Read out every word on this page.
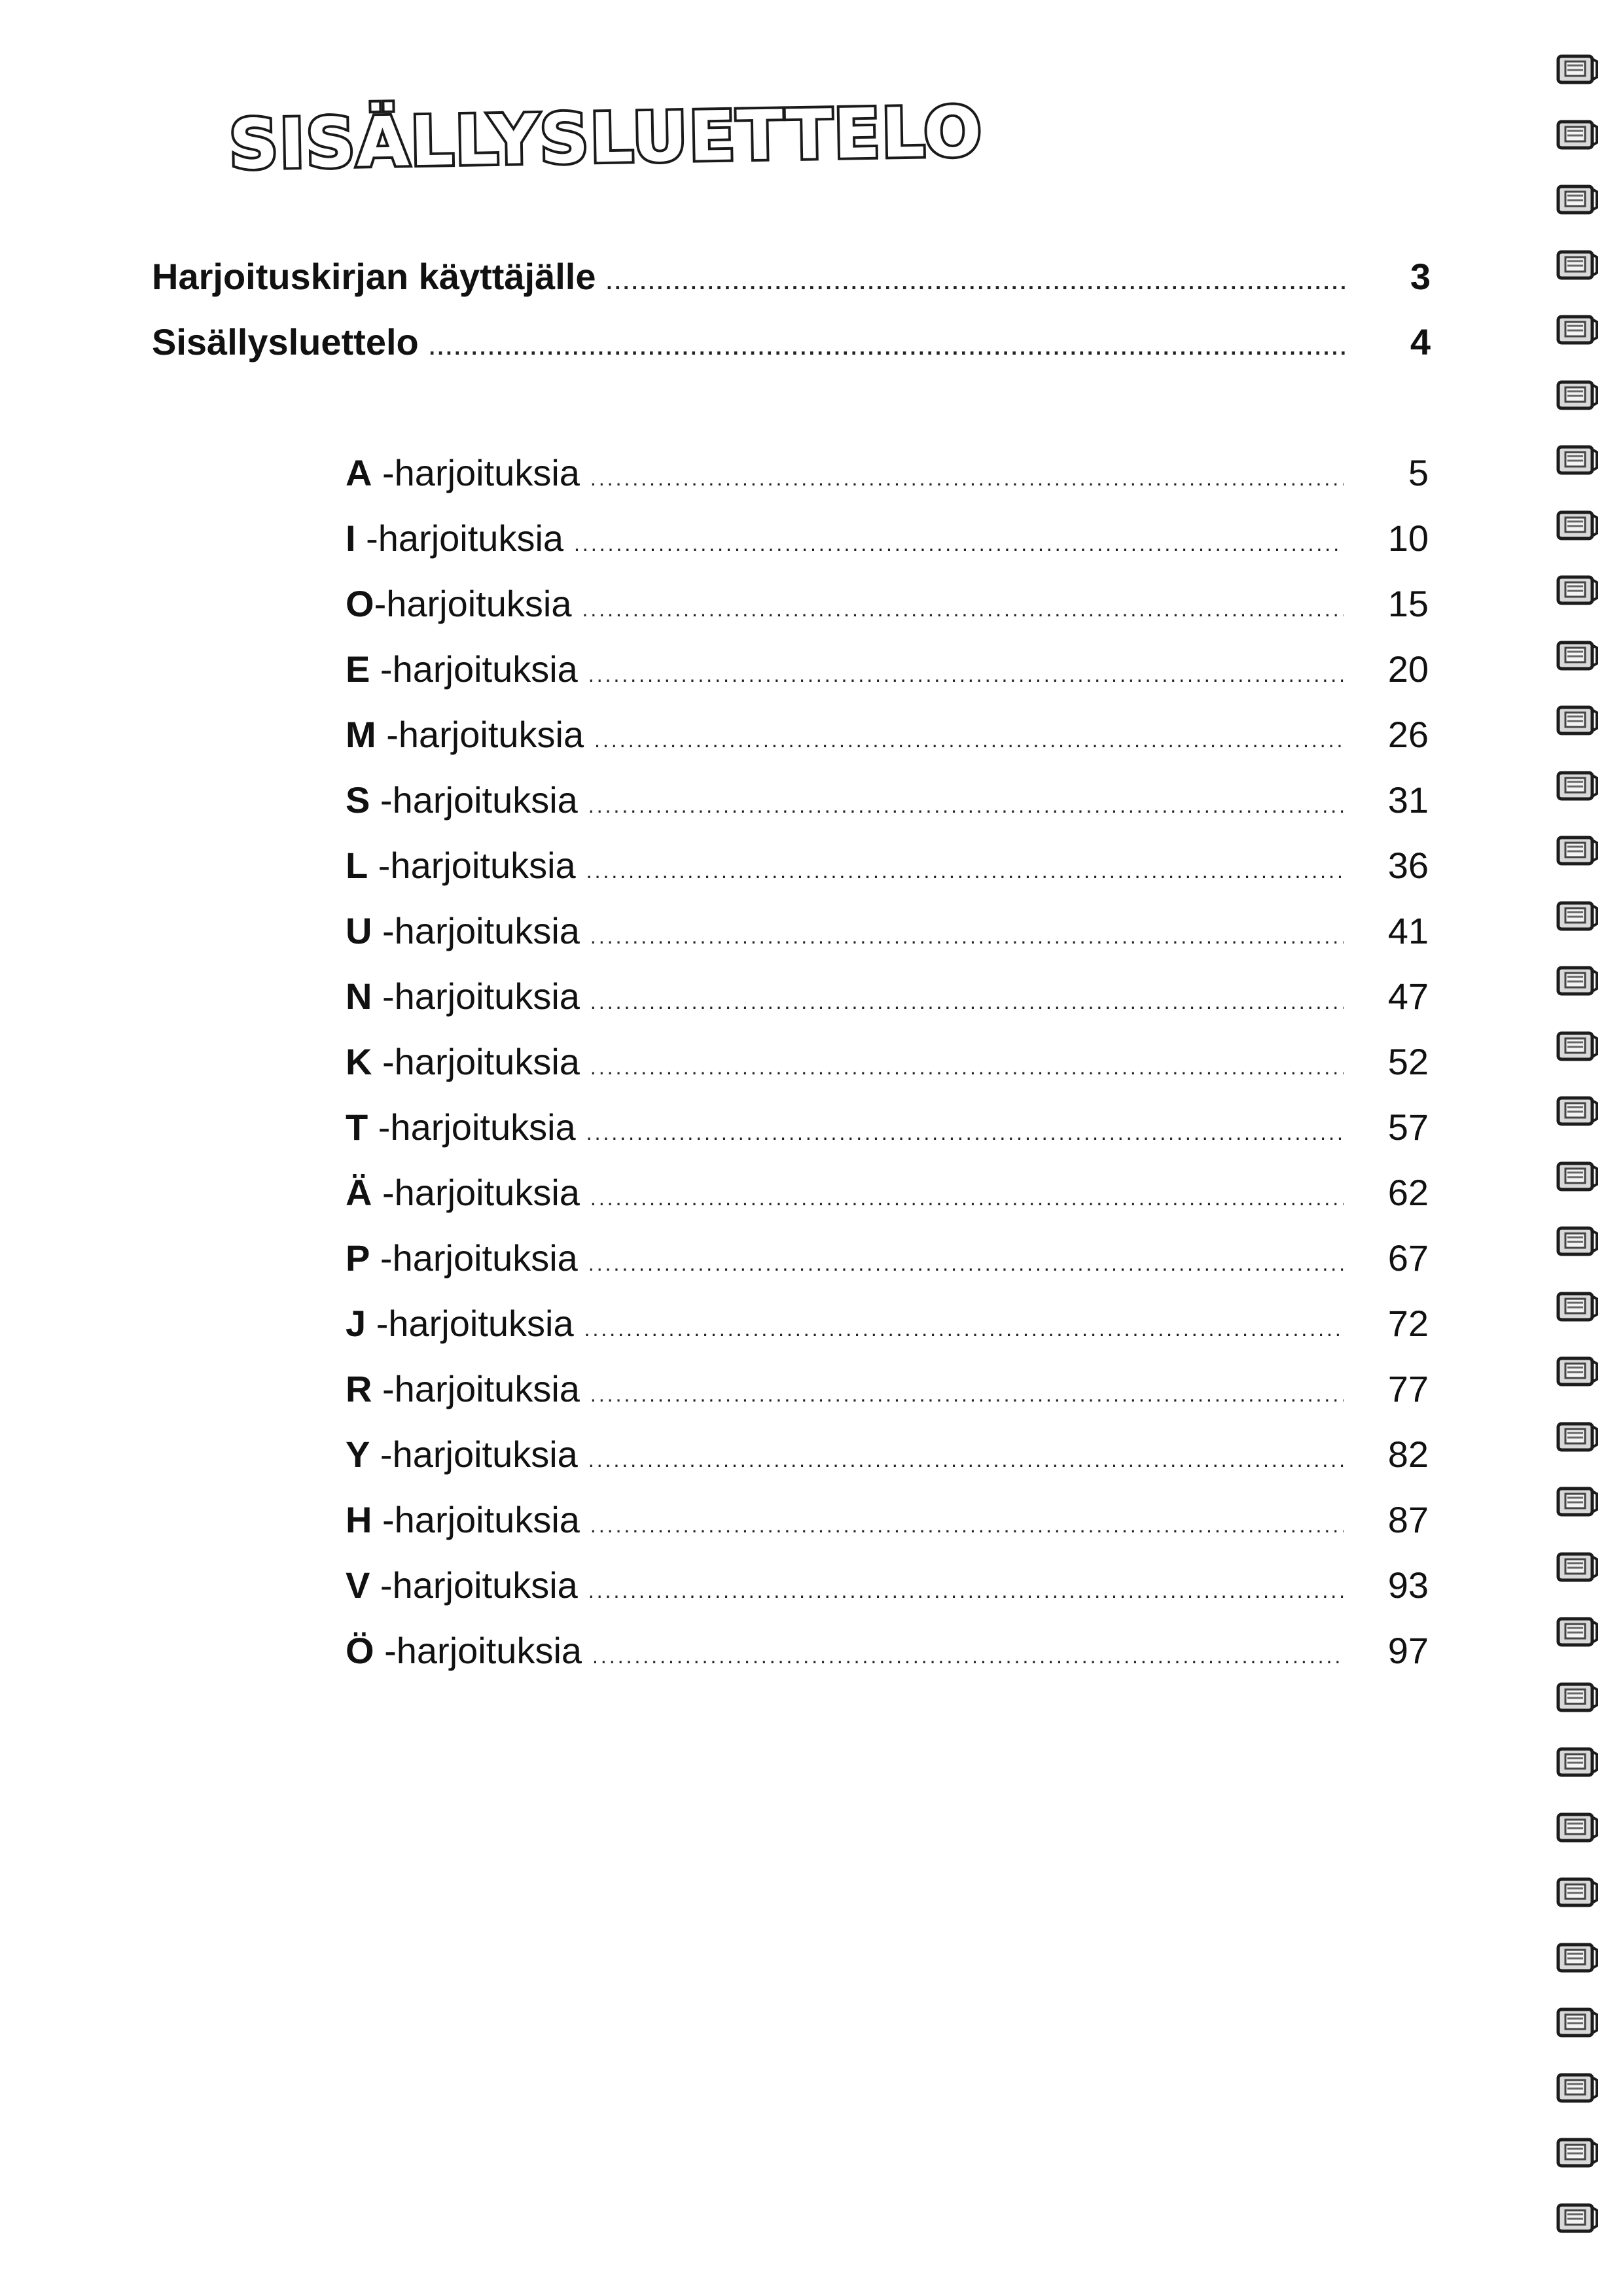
SISÄLLYSLUETTELO
Harjoituskirjan käyttäjälle .....	3
Sisällysluettelo .....	4
A -harjoituksia .....	5
I -harjoituksia .....	10
O-harjoituksia .....	15
E -harjoituksia .....	20
M -harjoituksia .....	26
S -harjoituksia .....	31
L -harjoituksia .....	36
U -harjoituksia .....	41
N -harjoituksia .....	47
K -harjoituksia .....	52
T -harjoituksia .....	57
Ä -harjoituksia .....	62
P -harjoituksia .....	67
J -harjoituksia .....	72
R -harjoituksia .....	77
Y -harjoituksia .....	82
H -harjoituksia .....	87
V -harjoituksia .....	93
Ö -harjoituksia .....	97
